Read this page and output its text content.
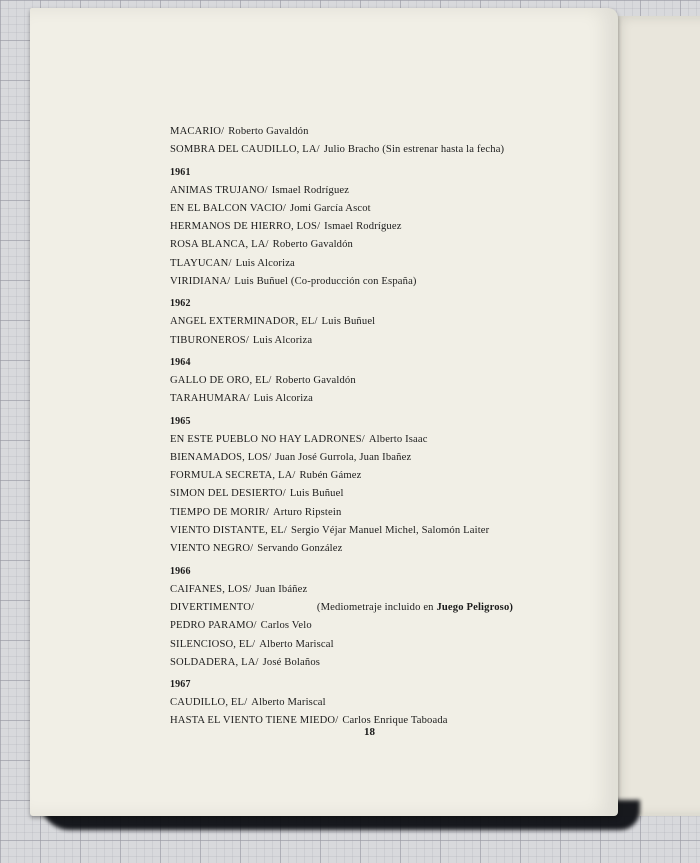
MACARIO/ Roberto Gavaldón
SOMBRA DEL CAUDILLO, LA/ Julio Bracho (Sin estrenar hasta la fecha)
1961
ANIMAS TRUJANO/ Ismael Rodríguez
EN EL BALCON VACIO/ Jomi García Ascot
HERMANOS DE HIERRO, LOS/ Ismael Rodríguez
ROSA BLANCA, LA/ Roberto Gavaldón
TLAYUCAN/ Luis Alcoriza
VIRIDIANA/ Luis Buñuel (Co-producción con España)
1962
ANGEL EXTERMINADOR, EL/ Luis Buñuel
TIBURONEROS/ Luis Alcoriza
1964
GALLO DE ORO, EL/ Roberto Gavaldón
TARAHUMARA/ Luis Alcoriza
1965
EN ESTE PUEBLO NO HAY LADRONES/ Alberto Isaac
BIENAMADOS, LOS/ Juan José Gurrola, Juan Ibañez
FORMULA SECRETA, LA/ Rubén Gámez
SIMON DEL DESIERTO/ Luis Buñuel
TIEMPO DE MORIR/ Arturo Ripstein
VIENTO DISTANTE, EL/ Sergio Véjar Manuel Michel, Salomón Laiter
VIENTO NEGRO/ Servando González
1966
CAIFANES, LOS/ Juan Ibáñez
DIVERTIMENTO/	(Mediometraje incluido en Juego Peligroso)
PEDRO PARAMO/ Carlos Velo
SILENCIOSO, EL/ Alberto Mariscal
SOLDADERA, LA/ José Bolaños
1967
CAUDILLO, EL/ Alberto Mariscal
HASTA EL VIENTO TIENE MIEDO/ Carlos Enrique Taboada
18
